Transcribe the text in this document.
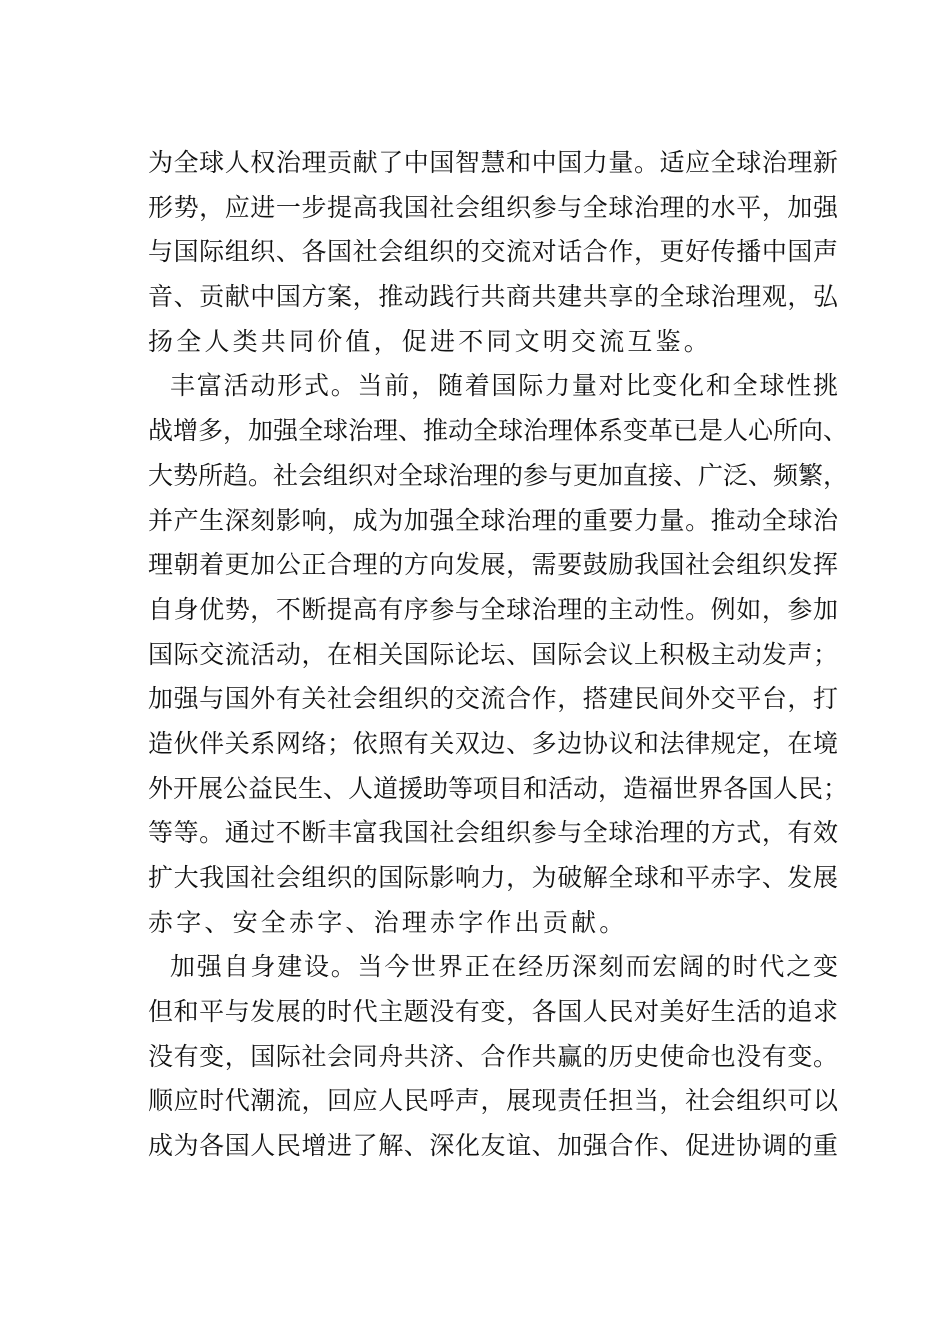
为全球人权治理贡献了中国智慧和中国力量。适应全球治理新
形势，应进一步提高我国社会组织参与全球治理的水平，加强
与国际组织、各国社会组织的交流对话合作，更好传播中国声
音、贡献中国方案，推动践行共商共建共享的全球治理观，弘
扬全人类共同价值，促进不同文明交流互鉴。
丰富活动形式。当前，随着国际力量对比变化和全球性挑
战增多，加强全球治理、推动全球治理体系变革已是人心所向、
大势所趋。社会组织对全球治理的参与更加直接、广泛、频繁，
并产生深刻影响，成为加强全球治理的重要力量。推动全球治
理朝着更加公正合理的方向发展，需要鼓励我国社会组织发挥
自身优势，不断提高有序参与全球治理的主动性。例如，参加
国际交流活动，在相关国际论坛、国际会议上积极主动发声；
加强与国外有关社会组织的交流合作，搭建民间外交平台，打
造伙伴关系网络；依照有关双边、多边协议和法律规定，在境
外开展公益民生、人道援助等项目和活动，造福世界各国人民；
等等。通过不断丰富我国社会组织参与全球治理的方式，有效
扩大我国社会组织的国际影响力，为破解全球和平赤字、发展
赤字、安全赤字、治理赤字作出贡献。
加强自身建设。当今世界正在经历深刻而宏阔的时代之变
但和平与发展的时代主题没有变，各国人民对美好生活的追求
没有变，国际社会同舟共济、合作共赢的历史使命也没有变。
顺应时代潮流，回应人民呼声，展现责任担当，社会组织可以
成为各国人民增进了解、深化友谊、加强合作、促进协调的重
